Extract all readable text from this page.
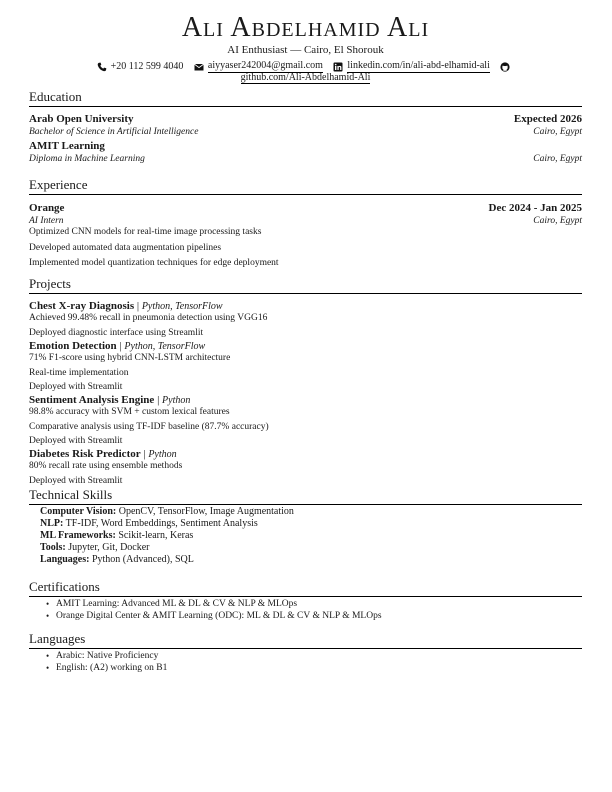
Ali Abdelhamid Ali
AI Enthusiast — Cairo, El Shorouk
+20 112 599 4040
aiyyaser242004@gmail.com
linkedin.com/in/ali-abd-elhamid-ali

github.com/Ali-Abdelhamid-Ali
Education
Arab Open University	Expected 2026
Bachelor of Science in Artificial Intelligence	Cairo, Egypt
AMIT Learning
Diploma in Machine Learning	Cairo, Egypt
Experience
Orange	Dec 2024 - Jan 2025
AI Intern	Cairo, Egypt
Optimized CNN models for real-time image processing tasks
Developed automated data augmentation pipelines
Implemented model quantization techniques for edge deployment
Projects
Chest X-ray Diagnosis | Python, TensorFlow
Achieved 99.48% recall in pneumonia detection using VGG16
Deployed diagnostic interface using Streamlit
Emotion Detection | Python, TensorFlow
71% F1-score using hybrid CNN-LSTM architecture
Real-time implementation
Deployed with Streamlit
Sentiment Analysis Engine | Python
98.8% accuracy with SVM + custom lexical features
Comparative analysis using TF-IDF baseline (87.7% accuracy)
Deployed with Streamlit
Diabetes Risk Predictor | Python
80% recall rate using ensemble methods
Deployed with Streamlit
Technical Skills
Computer Vision: OpenCV, TensorFlow, Image Augmentation
NLP: TF-IDF, Word Embeddings, Sentiment Analysis
ML Frameworks: Scikit-learn, Keras
Tools: Jupyter, Git, Docker
Languages: Python (Advanced), SQL
Certifications
• AMIT Learning: Advanced ML & DL & CV & NLP & MLOps
• Orange Digital Center & AMIT Learning (ODC): ML & DL & CV & NLP & MLOps
Languages
• Arabic: Native Proficiency
• English: (A2) working on B1
